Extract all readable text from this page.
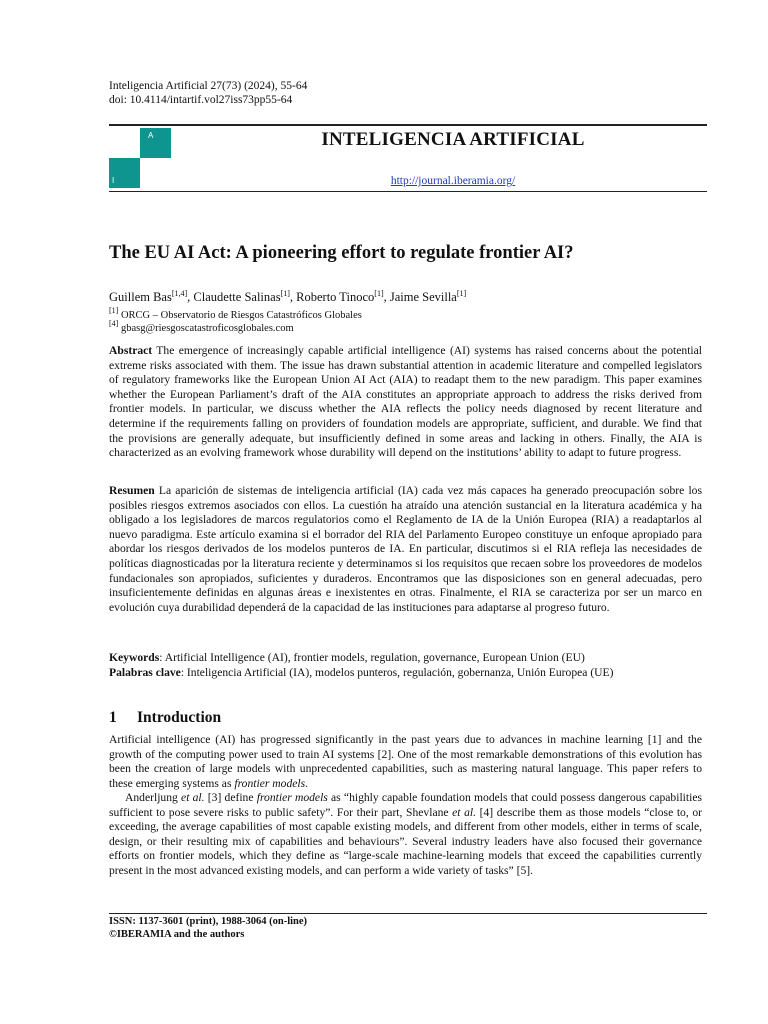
Inteligencia Artificial 27(73) (2024), 55-64
doi: 10.4114/intartif.vol27iss73pp55-64
A
I
INTELIGENCIA ARTIFICIAL
http://journal.iberamia.org/
The EU AI Act: A pioneering effort to regulate frontier AI?
Guillem Bas[1,4], Claudette Salinas[1], Roberto Tinoco[1], Jaime Sevilla[1]
[1] ORCG – Observatorio de Riesgos Catastróficos Globales
[4] gbasg@riesgoscatastroficosglobales.com

Abstract The emergence of increasingly capable artificial intelligence (AI) systems has raised concerns about the potential extreme risks associated with them. The issue has drawn substantial attention in academic literature and compelled legislators of regulatory frameworks like the European Union AI Act (AIA) to readapt them to the new paradigm. This paper examines whether the European Parliament’s draft of the AIA constitutes an appropriate approach to address the risks derived from frontier models. In particular, we discuss whether the AIA reflects the policy needs diagnosed by recent literature and determine if the requirements falling on providers of foundation models are appropriate, sufficient, and durable. We find that the provisions are generally adequate, but insufficiently defined in some areas and lacking in others. Finally, the AIA is characterized as an evolving framework whose durability will depend on the institutions’ ability to adapt to future progress.

Resumen La aparición de sistemas de inteligencia artificial (IA) cada vez más capaces ha generado preocupación sobre los posibles riesgos extremos asociados con ellos. La cuestión ha atraído una atención sustancial en la literatura académica y ha obligado a los legisladores de marcos regulatorios como el Reglamento de IA de la Unión Europea (RIA) a readaptarlos al nuevo paradigma. Este artículo examina si el borrador del RIA del Parlamento Europeo constituye un enfoque apropiado para abordar los riesgos derivados de los modelos punteros de IA. En particular, discutimos si el RIA refleja las necesidades de políticas diagnosticadas por la literatura reciente y determinamos si los requisitos que recaen sobre los proveedores de modelos fundacionales son apropiados, suficientes y duraderos. Encontramos que las disposiciones son en general adecuadas, pero insuficientemente definidas en algunas áreas e inexistentes en otras. Finalmente, el RIA se caracteriza por ser un marco en evolución cuya durabilidad dependerá de la capacidad de las instituciones para adaptarse al progreso futuro.

Keywords: Artificial Intelligence (AI), frontier models, regulation, governance, European Union (EU)
Palabras clave: Inteligencia Artificial (IA), modelos punteros, regulación, gobernanza, Unión Europea (UE)
1 Introduction

Artificial intelligence (AI) has progressed significantly in the past years due to advances in machine learning [1] and the growth of the computing power used to train AI systems [2]. One of the most remarkable demonstrations of this evolution has been the creation of large models with unprecedented capabilities, such as mastering natural language. This paper refers to these emerging systems as frontier models.

Anderljung et al. [3] define frontier models as “highly capable foundation models that could possess dangerous capabilities sufficient to pose severe risks to public safety”. For their part, Shevlane et al. [4] describe them as those models “close to, or exceeding, the average capabilities of most capable existing models, and different from other models, either in terms of scale, design, or their resulting mix of capabilities and behaviours”. Several industry leaders have also focused their governance efforts on frontier models, which they define as “large-scale machine-learning models that exceed the capabilities currently present in the most advanced existing models, and can perform a wide variety of tasks” [5].

ISSN: 1137-3601 (print), 1988-3064 (on-line)
©IBERAMIA and the authors
